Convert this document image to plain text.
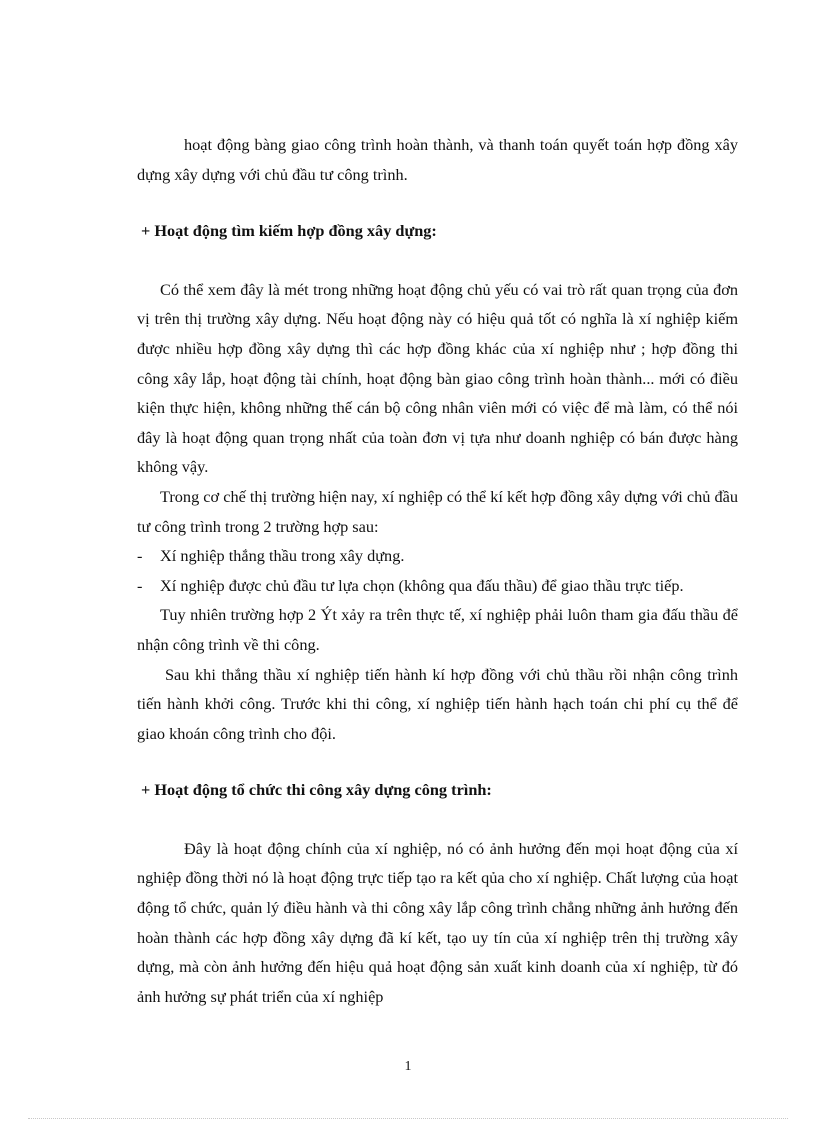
hoạt động bàng giao công trình hoàn thành, và thanh toán quyết toán hợp đồng xây dựng xây dựng với chủ đầu tư công trình.

+ Hoạt động tìm kiếm hợp đồng xây dựng:

Có thể xem đây là mét trong những hoạt động chủ yếu có vai trò rất quan trọng của đơn vị trên thị trường xây dựng. Nếu hoạt động này có hiệu quả tốt có nghĩa là xí nghiệp kiếm được nhiều hợp đồng xây dựng thì các hợp đồng khác của xí nghiệp như ; hợp đồng thi công xây lắp, hoạt động tài chính, hoạt động bàn giao công trình hoàn thành... mới có điều kiện thực hiện, không những thế cán bộ công nhân viên mới có việc để mà làm, có thể nói đây là hoạt động quan trọng nhất của toàn đơn vị tựa như doanh nghiệp có bán được hàng không vậy.

Trong cơ chế thị trường hiện nay, xí nghiệp có thể kí kết hợp đồng xây dựng với chủ đầu tư công trình trong 2 trường hợp sau:

-	Xí nghiệp thắng thầu trong xây dựng.
-	Xí nghiệp được chủ đầu tư lựa chọn (không qua đấu thầu) để giao thầu trực tiếp.

Tuy nhiên trường hợp 2 Ýt xảy ra trên thực tế, xí nghiệp phải luôn tham gia đấu thầu để nhận công trình về thi công.

Sau khi thắng thầu xí nghiệp tiến hành kí hợp đồng với chủ thầu rồi nhận công trình tiến hành khởi công. Trước khi thi công, xí nghiệp tiến hành hạch toán chi phí cụ thể để giao khoán công trình cho đội.

+ Hoạt động tổ chức thi công xây dựng công trình:

Đây là hoạt động chính của xí nghiệp, nó có ảnh hưởng đến mọi hoạt động của xí nghiệp đồng thời nó là hoạt động trực tiếp tạo ra kết qủa cho xí nghiệp. Chất lượng của hoạt động tổ chức, quản lý điều hành và thi công xây lắp công trình chẳng những ảnh hưởng đến hoàn thành các hợp đồng xây dựng đã kí kết, tạo uy tín của xí nghiệp trên thị trường xây dựng, mà còn ảnh hưởng đến hiệu quả hoạt động sản xuất kinh doanh của xí nghiệp, từ đó ảnh hưởng sự phát triển của xí nghiệp

1
